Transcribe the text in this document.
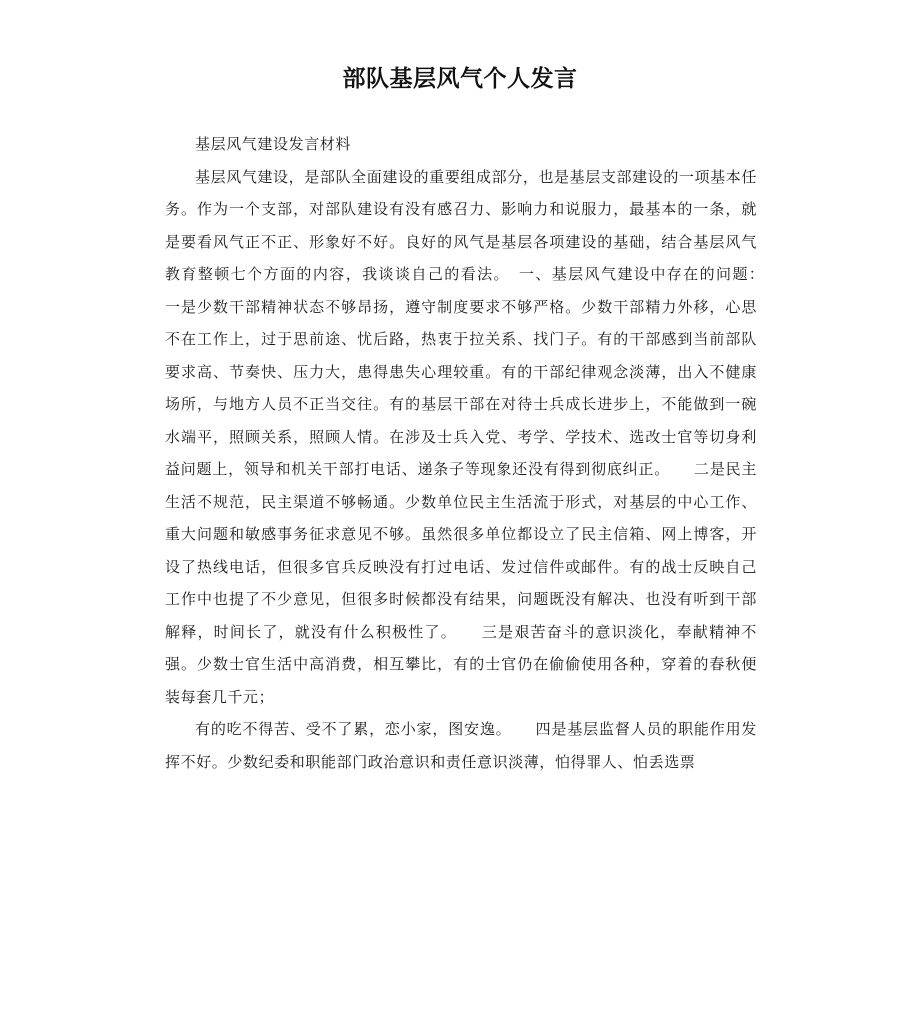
部队基层风气个人发言

基层风气建设发言材料

基层风气建设，是部队全面建设的重要组成部分，也是基层支部建设的一项基本任务。作为一个支部，对部队建设有没有感召力、影响力和说服力，最基本的一条，就是要看风气正不正、形象好不好。良好的风气是基层各项建设的基础，结合基层风气教育整顿七个方面的内容，我谈谈自己的看法。　一、基层风气建设中存在的问题：　　一是少数干部精神状态不够昂扬，遵守制度要求不够严格。少数干部精力外移，心思不在工作上，过于思前途、忧后路，热衷于拉关系、找门子。有的干部感到当前部队要求高、节奏快、压力大，患得患失心理较重。有的干部纪律观念淡薄，出入不健康场所，与地方人员不正当交往。有的基层干部在对待士兵成长进步上，不能做到一碗水端平，照顾关系，照顾人情。在涉及士兵入党、考学、学技术、选改士官等切身利益问题上，领导和机关干部打电话、递条子等现象还没有得到彻底纠正。　　二是民主生活不规范，民主渠道不够畅通。少数单位民主生活流于形式，对基层的中心工作、重大问题和敏感事务征求意见不够。虽然很多单位都设立了民主信箱、网上博客，开设了热线电话，但很多官兵反映没有打过电话、发过信件或邮件。有的战士反映自己工作中也提了不少意见，但很多时候都没有结果，问题既没有解决、也没有听到干部解释，时间长了，就没有什么积极性了。　　三是艰苦奋斗的意识淡化，奉献精神不强。少数士官生活中高消费，相互攀比，有的士官仍在偷偷使用各种，穿着的春秋便装每套几千元；

有的吃不得苦、受不了累，恋小家，图安逸。　　四是基层监督人员的职能作用发挥不好。少数纪委和职能部门政治意识和责任意识淡薄，怕得罪人、怕丢选票
